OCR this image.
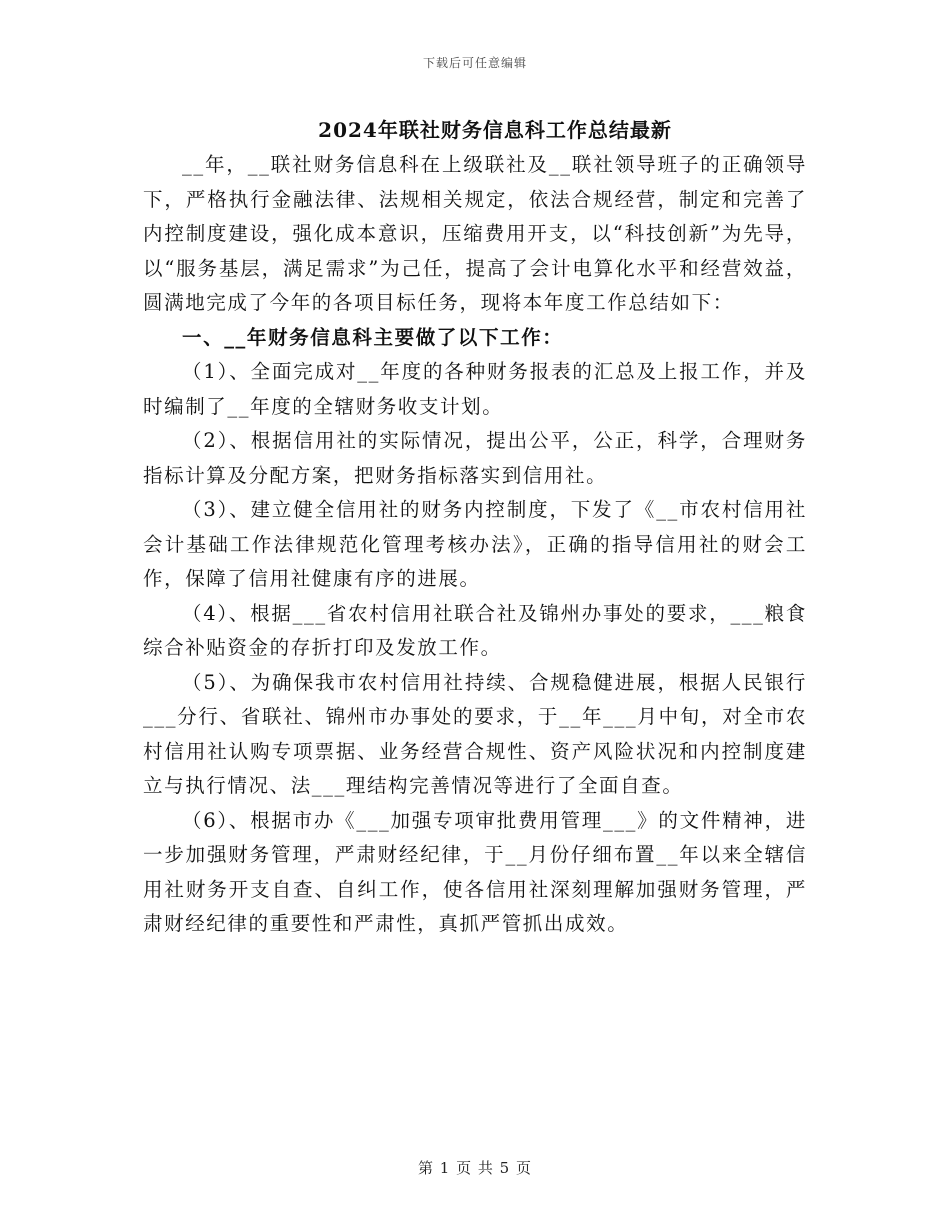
下载后可任意编辑
2024年联社财务信息科工作总结最新

__年，__联社财务信息科在上级联社及__联社领导班子的正确领导下，严格执行金融法律、法规相关规定，依法合规经营，制定和完善了内控制度建设，强化成本意识，压缩费用开支，以“科技创新”为先导，以“服务基层，满足需求”为己任，提高了会计电算化水平和经营效益，圆满地完成了今年的各项目标任务，现将本年度工作总结如下：

一、__年财务信息科主要做了以下工作：

（1）、全面完成对__年度的各种财务报表的汇总及上报工作，并及时编制了__年度的全辖财务收支计划。

（2）、根据信用社的实际情况，提出公平，公正，科学，合理财务指标计算及分配方案，把财务指标落实到信用社。

（3）、建立健全信用社的财务内控制度，下发了《__市农村信用社会计基础工作法律规范化管理考核办法》，正确的指导信用社的财会工作，保障了信用社健康有序的进展。

（4）、根据___省农村信用社联合社及锦州办事处的要求，___粮食综合补贴资金的存折打印及发放工作。

（5）、为确保我市农村信用社持续、合规稳健进展，根据人民银行___分行、省联社、锦州市办事处的要求，于__年___月中旬，对全市农村信用社认购专项票据、业务经营合规性、资产风险状况和内控制度建立与执行情况、法___理结构完善情况等进行了全面自查。

（6）、根据市办《___加强专项审批费用管理___》的文件精神，进一步加强财务管理，严肃财经纪律，于__月份仔细布置__年以来全辖信用社财务开支自查、自纠工作，使各信用社深刻理解加强财务管理，严肃财经纪律的重要性和严肃性，真抓严管抓出成效。

第 1 页 共 5 页
